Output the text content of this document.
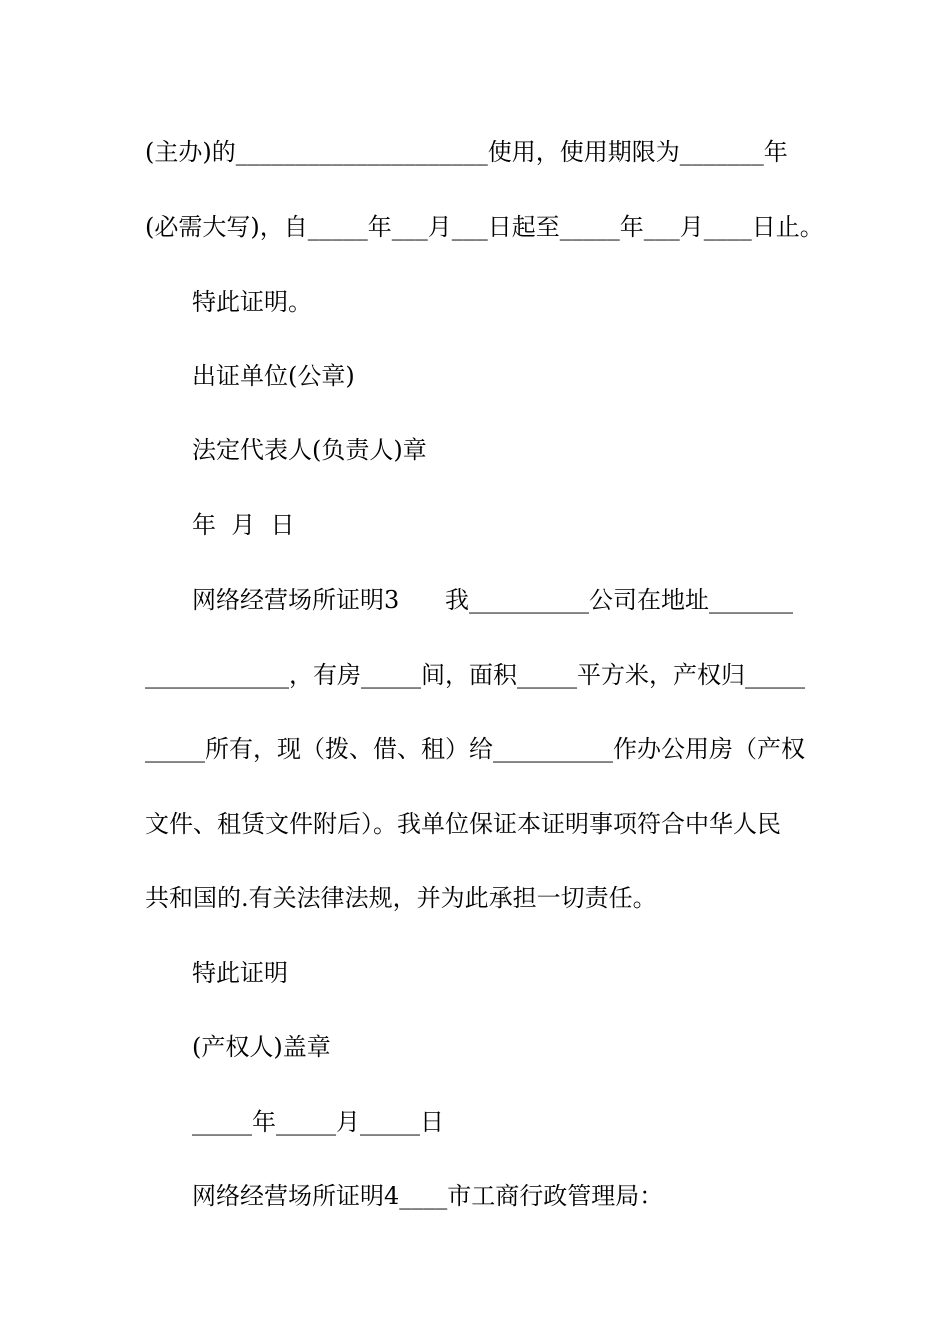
(主办)的_____________________使用，使用期限为_______年
(必需大写)，自_____年___月___日起至_____年___月____日止。
特此证明。
出证单位(公章)
法定代表人(负责人)章
年  月  日
网络经营场所证明3      我__________公司在地址_______
____________，有房_____间，面积_____平方米，产权归_____
_____所有，现（拨、借、租）给__________作办公用房（产权
文件、租赁文件附后）。我单位保证本证明事项符合中华人民
共和国的.有关法律法规，并为此承担一切责任。
特此证明
(产权人)盖章
_____年_____月_____日
网络经营场所证明4____市工商行政管理局：
